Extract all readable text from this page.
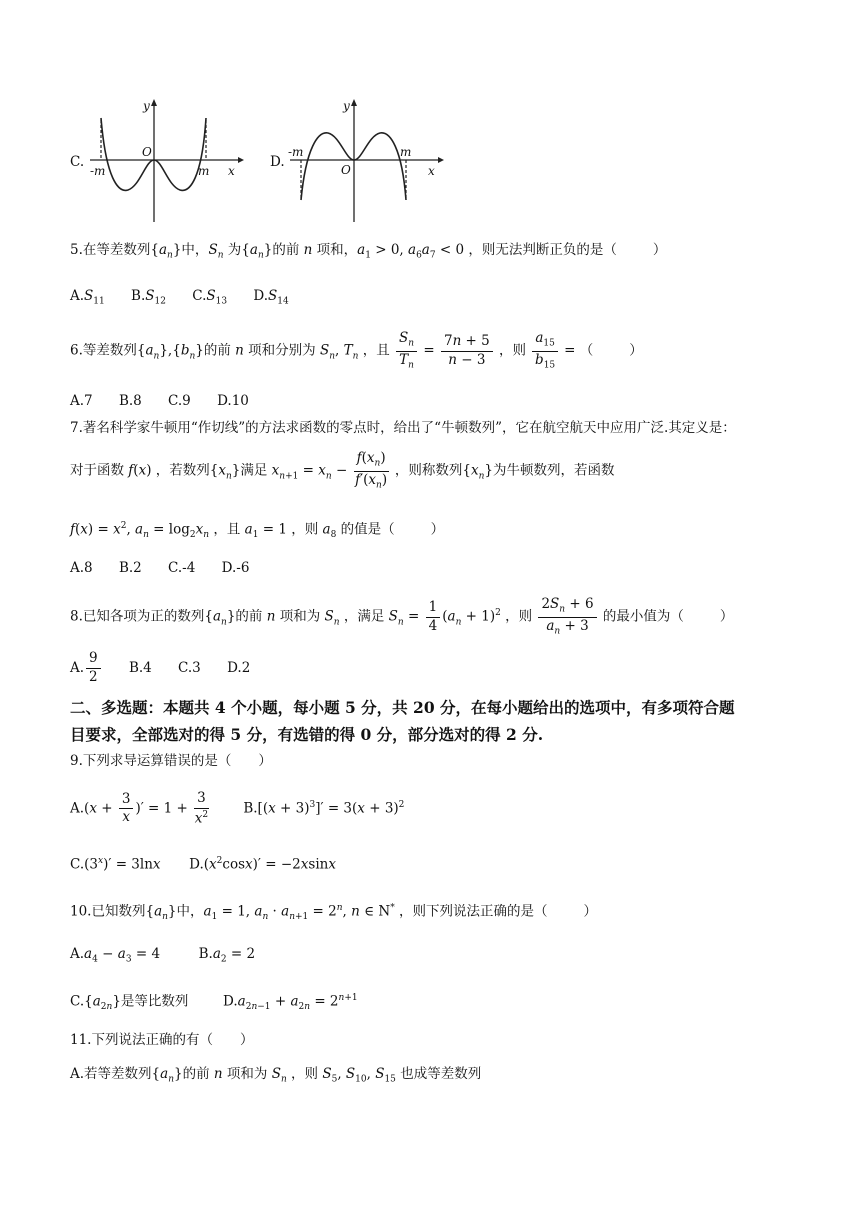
C.
y
O
-m	m x
D.
y
O
-m	m
x
5.在等差数列$\{a_n\}$中，$S_n$ 为$\{a_n\}$的前 n 项和，$a_1 > 0$, $a_6a_7 < 0$ ，则无法判断正负的是（	）
$A.S_{11}$ $B.S_{12}$ $C.S_{13}$ $D.S_{14}$
6.等差数列$\{a_n\},\{b_n\}$的前 n 项和分别为 $S_n$, $T_n$ ，且 $\frac{S_n}{T_n} = \frac{7n + 5}{n - 3}$ ，则 $\frac{a_{15}}{b_{15}}$ = （	）
A.7 B.8 C.9 D.10
7.著名科学家牛顿用“作切线”的方法求函数的零点时，给出了“牛顿数列”，它在航空航天中应用广泛.其定义是：
对于函数 f(x) ，若数列$\{x_n\}$满足 $x_{n+1} = x_n - \frac{f(x_n)}{f'(x_n)}$ ，则称数列$\{x_n\}$为牛顿数列，若函数
$f(x) = x^2$, $a_n = \log_2x_n$ ，且 $a_1 = 1$ ，则 $a_8$ 的值是（	）
A.8 B.2 C.-4 D.-6
8.已知各项为正的数列$\{a_n\}$的前 n 项和为 $S_n$ ，满足 $S_n = \frac{1}{4} (a_n + 1)^2$ ，则 $\frac{2S_n + 6}{a_n + 3}$ 的最小值为（	）
A. $\frac{9}{2} B.4$ C.3 D.2
二、多选题：本题共 4 个小题，每小题 5 分，共 20 分，在每小题给出的选项中，有多项符合题
目要求，全部选对的得 5 分，有选错的得 0 分，部分选对的得 2 分.
9.下列求导运算错误的是（　　）
$A.(x + \frac{3}{x}$ )′ = $1 + \frac{3}{x^2} B.[(x + 3)^3]' = 3(x + 3)^2$
$C.(3^x)' = 3\ln x$  $D.(x^2\cos x)' = -2xsinx$
10.已知数列$\{a_n\}$中，$a_1 = 1$, $a_n \cdot a_{n+1} = 2^n$, n ∈ N* ，则下列说法正确的是（	）
$A.a_4 - a_3 = 4$  $B.a_2 = 2$
$C.\{a_{2n}\}$是等比数列  $D.a_{2n-1} + a_{2n} = 2^{n+1}$
11.下列说法正确的有（　　）
A.若等差数列$\{a_n\}$的前 n 项和为 $S_n$ ，则 $S_5$, $S_{10}$, $S_{15}$ 也成等差数列
